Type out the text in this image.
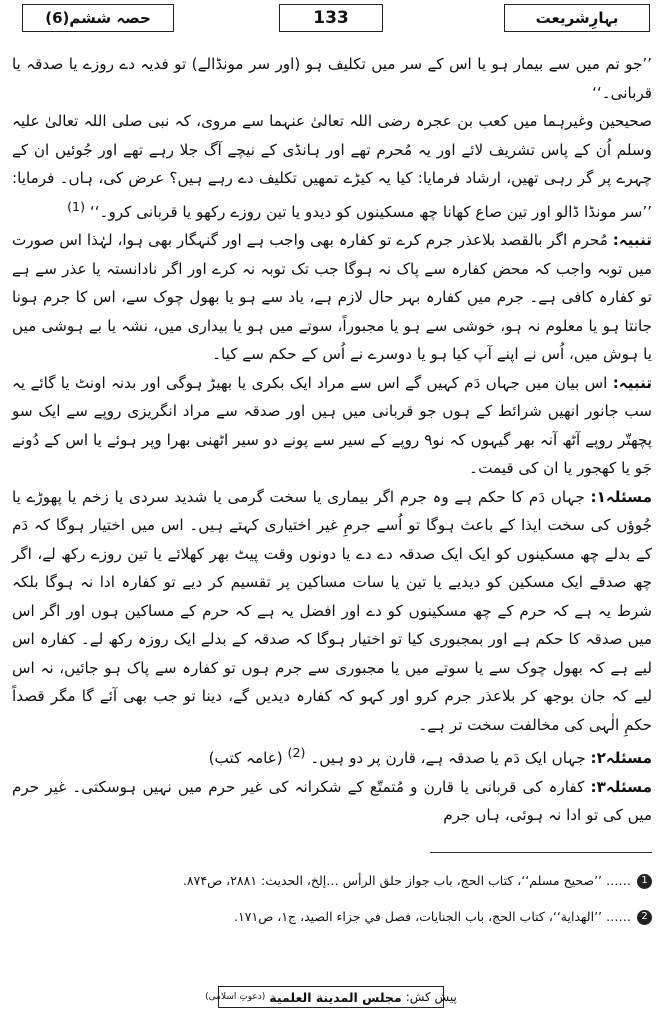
حصہ ششم(6)	133	بہارِشریعت

’’جو تم میں سے بیمار ہو یا اس کے سر میں تکلیف ہو (اور سر مونڈالے) تو فدیہ دے روزے یا صدقہ یا قربانی۔‘‘

صحیحین وغیرہما میں کعب بن عجرہ رضی اللہ تعالیٰ عنہما سے مروی، کہ نبی صلی اللہ تعالیٰ علیہ وسلم اُن کے پاس تشریف لائے اور یہ مُحرم تھے اور ہانڈی کے نیچے آگ جلا رہے تھے اور جُوئیں ان کے چہرے پر گر رہی تھیں، ارشاد فرمایا: کیا یہ کیڑے تمھیں تکلیف دے رہے ہیں؟ عرض کی، ہاں۔ فرمایا: ’’سر مونڈا ڈالو اور تین صاع کھانا چھ مسکینوں کو دیدو یا تین روزے رکھو یا قربانی کرو۔‘‘ $^{(1)}$

تنبیہ: مُحرم اگر بالقصد بلاعذر جرم کرے تو کفارہ بھی واجب ہے اور گنہگار بھی ہوا، لہٰذا اس صورت میں توبہ واجب کہ محض کفارہ سے پاک نہ ہوگا جب تک توبہ نہ کرے اور اگر نادانستہ یا عذر سے ہے تو کفارہ کافی ہے۔ جرم میں کفارہ بہر حال لازم ہے، یاد سے ہو یا بھول چوک سے، اس کا جرم ہونا جانتا ہو یا معلوم نہ ہو، خوشی سے ہو یا مجبوراً، سوتے میں ہو یا بیداری میں، نشہ یا بے ہوشی میں یا ہوش میں، اُس نے اپنے آپ کیا ہو یا دوسرے نے اُس کے حکم سے کیا۔

تنبیہ: اس بیان میں جہاں دَم کہیں گے اس سے مراد ایک بکری یا بھیڑ ہوگی اور بدنہ اونٹ یا گائے یہ سب جانور انھیں شرائط کے ہوں جو قربانی میں ہیں اور صدقہ سے مراد انگریزی روپے سے ایک سو پچھتّر روپے آٹھ آنہ بھر گیہوں کہ نو۹ روپے کے سیر سے پونے دو سیر اٹھنی بھرا وپر ہوئے یا اس کے دُونے جَو یا کھجور یا ان کی قیمت۔

مسئلہ۱: جہاں دَم کا حکم ہے وہ جرم اگر بیماری یا سخت گرمی یا شدید سردی یا زخم یا پھوڑے یا جُوؤں کی سخت ایذا کے باعث ہوگا تو اُسے جرمِ غیر اختیاری کہتے ہیں۔ اس میں اختیار ہوگا کہ دَم کے بدلے چھ مسکینوں کو ایک ایک صدقہ دے دے یا دونوں وقت پیٹ بھر کھلائے یا تین روزے رکھ لے، اگر چھ صدقے ایک مسکین کو دیدیے یا تین یا سات مساکین پر تقسیم کر دیے تو کفارہ ادا نہ ہوگا بلکہ شرط یہ ہے کہ حرم کے چھ مسکینوں کو دے اور افضل یہ ہے کہ حرم کے مساکین ہوں اور اگر اس میں صدقہ کا حکم ہے اور بمجبوری کیا تو اختیار ہوگا کہ صدقہ کے بدلے ایک روزہ رکھ لے۔ کفارہ اس لیے ہے کہ بھول چوک سے یا سوتے میں یا مجبوری سے جرم ہوں تو کفارہ سے پاک ہو جائیں، نہ اس لیے کہ جان بوجھ کر بلاعذر جرم کرو اور کہو کہ کفارہ دیدیں گے، دینا تو جب بھی آئے گا مگر قصداً حکمِ الٰہی کی مخالفت سخت تر ہے۔

مسئلہ۲: جہاں ایک دَم یا صدقہ ہے، قارن پر دو ہیں۔ $^{(2)}$ (عامہ کتب)

مسئلہ۳: کفارہ کی قربانی یا قارن و مُتمتّع کے شکرانہ کی غیر حرم میں نہیں ہوسکتی۔ غیر حرم میں کی تو ادا نہ ہوئی، ہاں جرم

1
…… ’’صحيح مسلم‘‘، كتاب الحج، باب جواز حلق الرأس …إلخ، الحديث: ۲۸۸۱، ص۸۷۴.
2
…… ’’الهداية‘‘، كتاب الحج، باب الجنايات، فصل في جزاء الصيد، ج۱، ص۱۷۱.
پیش کش:
مجلس المدينة العلمية
(دعوتِ اسلامی)
